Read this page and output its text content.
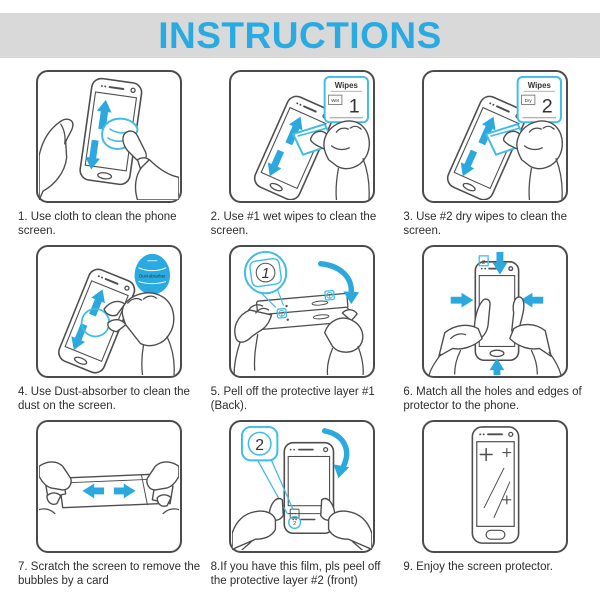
INSTRUCTIONS

1. Use cloth to clean the phone screen.

Wipes
Wet 1

2. Use #1 wet wipes to clean the screen.

Wipes
Dry 2

3. Use #2 dry wipes to clean the screen.

Dust-absorber

4. Use Dust-absorber to clean the dust on the screen.

1
1
1

5. Pell off the protective layer #1 (Back).

2

6. Match all the holes and edges of protector to the phone.

7. Scratch the screen to remove the bubbles by a card

2
2

8.If you have this film, pls peel off the protective layer #2 (front)

9. Enjoy the screen protector.
